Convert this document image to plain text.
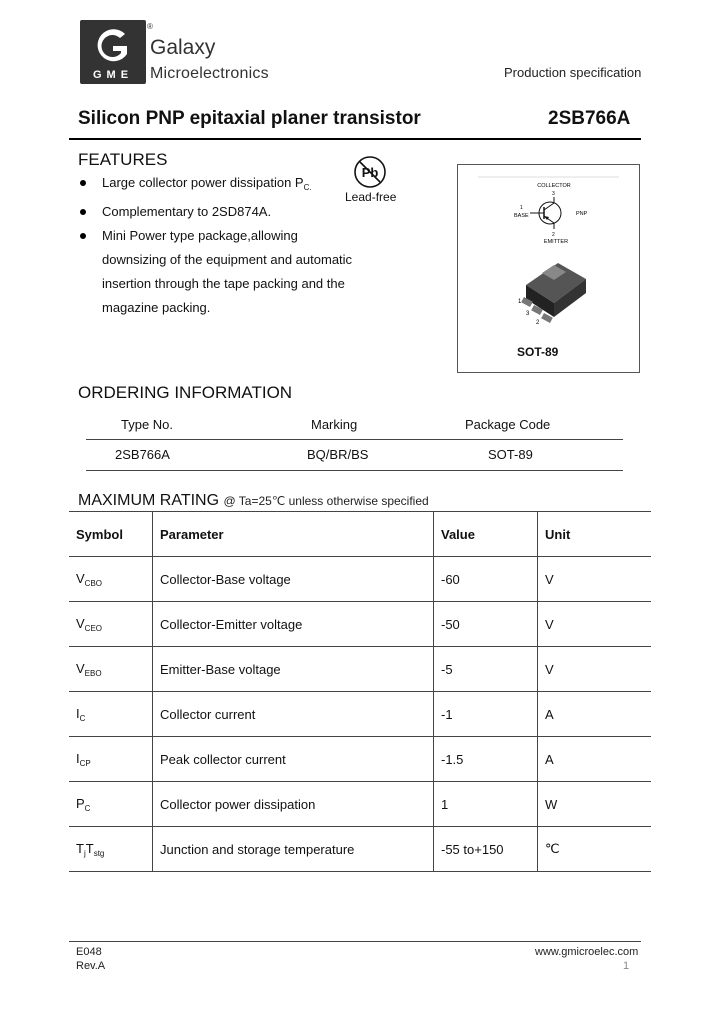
GME
®
Galaxy
Microelectronics	Production specification
Silicon PNP epitaxial planer transistor	2SB766A
FEATURES
Large collector power dissipation $P_{C.}$
Complementary to 2SD874A.
Mini Power type package,allowing
downsizing of the equipment and automatic
insertion through the tape packing and the
magazine packing.
Pb
Lead-free
COLLECTOR
3
1
BASE	PNP
2
EMITTER
1
3
2
SOT-89
ORDERING INFORMATION
Type No.	Marking	Package Code
2SB766A	BQ/BR/BS	SOT-89
MAXIMUM RATING @ Ta=25℃ unless otherwise specified
Symbol	Parameter	Value	Unit
$V_{CBO}$	Collector-Base voltage	-60	V
$V_{CEO}$	Collector-Emitter voltage	-50	V
$V_{EBO}$	Emitter-Base voltage	-5	V
$I_C$	Collector current	-1	A
$I_{CP}$	Peak collector current	-1.5	A
$P_C$	Collector power dissipation	1	W
$T_jT_{stg}$	Junction and storage temperature	-55 to+150	℃
E048
Rev.A
www.gmicroelec.com
1
